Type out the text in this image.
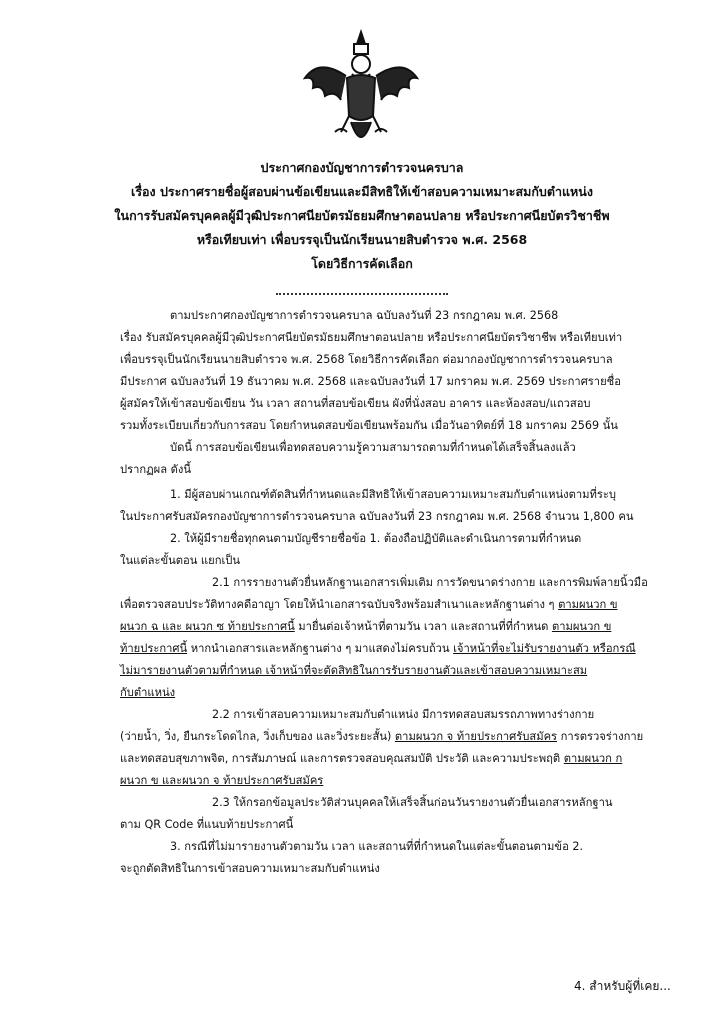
ประกาศกองบัญชาการตำรวจนครบาล
เรื่อง ประกาศรายชื่อผู้สอบผ่านข้อเขียนและมีสิทธิให้เข้าสอบความเหมาะสมกับตำแหน่ง
ในการรับสมัครบุคคลผู้มีวุฒิประกาศนียบัตรมัธยมศึกษาตอนปลาย หรือประกาศนียบัตรวิชาชีพ
หรือเทียบเท่า เพื่อบรรจุเป็นนักเรียนนายสิบตำรวจ พ.ศ. 2568
โดยวิธีการคัดเลือก
ตามประกาศกองบัญชาการตำรวจนครบาล ฉบับลงวันที่ 23 กรกฎาคม พ.ศ. 2568
เรื่อง รับสมัครบุคคลผู้มีวุฒิประกาศนียบัตรมัธยมศึกษาตอนปลาย หรือประกาศนียบัตรวิชาชีพ หรือเทียบเท่า
เพื่อบรรจุเป็นนักเรียนนายสิบตำรวจ พ.ศ. 2568 โดยวิธีการคัดเลือก ต่อมากองบัญชาการตำรวจนครบาล
มีประกาศ ฉบับลงวันที่ 19 ธันวาคม พ.ศ. 2568 และฉบับลงวันที่ 17 มกราคม พ.ศ. 2569 ประกาศรายชื่อ
ผู้สมัครให้เข้าสอบข้อเขียน วัน เวลา สถานที่สอบข้อเขียน ผังที่นั่งสอบ อาคาร และห้องสอบ/แถวสอบ
รวมทั้งระเบียบเกี่ยวกับการสอบ โดยกำหนดสอบข้อเขียนพร้อมกัน เมื่อวันอาทิตย์ที่ 18 มกราคม 2569 นั้น
บัดนี้ การสอบข้อเขียนเพื่อทดสอบความรู้ความสามารถตามที่กำหนดได้เสร็จสิ้นลงแล้ว
ปรากฏผล ดังนี้
1. มีผู้สอบผ่านเกณฑ์ตัดสินที่กำหนดและมีสิทธิให้เข้าสอบความเหมาะสมกับตำแหน่งตามที่ระบุ
ในประกาศรับสมัครกองบัญชาการตำรวจนครบาล ฉบับลงวันที่ 23 กรกฎาคม พ.ศ. 2568 จำนวน 1,800 คน
2. ให้ผู้มีรายชื่อทุกคนตามบัญชีรายชื่อข้อ 1. ต้องถือปฏิบัติและดำเนินการตามที่กำหนด
ในแต่ละขั้นตอน แยกเป็น
2.1 การรายงานตัวยื่นหลักฐานเอกสารเพิ่มเติม การวัดขนาดร่างกาย และการพิมพ์ลายนิ้วมือ
เพื่อตรวจสอบประวัติทางคดีอาญา โดยให้นำเอกสารฉบับจริงพร้อมสำเนาและหลักฐานต่าง ๆ ตามผนวก ข
ผนวก ฉ และ ผนวก ซ ท้ายประกาศนี้ มายื่นต่อเจ้าหน้าที่ตามวัน เวลา และสถานที่ที่กำหนด ตามผนวก ข
ท้ายประกาศนี้ หากนำเอกสารและหลักฐานต่าง ๆ มาแสดงไม่ครบถ้วน เจ้าหน้าที่จะไม่รับรายงานตัว หรือกรณี
ไม่มารายงานตัวตามที่กำหนด เจ้าหน้าที่จะตัดสิทธิในการรับรายงานตัวและเข้าสอบความเหมาะสม
กับตำแหน่ง
2.2 การเข้าสอบความเหมาะสมกับตำแหน่ง มีการทดสอบสมรรถภาพทางร่างกาย
(ว่ายน้ำ, วิ่ง, ยืนกระโดดไกล, วิ่งเก็บของ และวิ่งระยะสั้น) ตามผนวก จ ท้ายประกาศรับสมัคร การตรวจร่างกาย
และทดสอบสุขภาพจิต, การสัมภาษณ์ และการตรวจสอบคุณสมบัติ ประวัติ และความประพฤติ ตามผนวก ก
ผนวก ข และผนวก จ ท้ายประกาศรับสมัคร
2.3 ให้กรอกข้อมูลประวัติส่วนบุคคลให้เสร็จสิ้นก่อนวันรายงานตัวยื่นเอกสารหลักฐาน
ตาม QR Code ที่แนบท้ายประกาศนี้
3. กรณีที่ไม่มารายงานตัวตามวัน เวลา และสถานที่ที่กำหนดในแต่ละขั้นตอนตามข้อ 2.
จะถูกตัดสิทธิในการเข้าสอบความเหมาะสมกับตำแหน่ง
4. สำหรับผู้ที่เคย...
